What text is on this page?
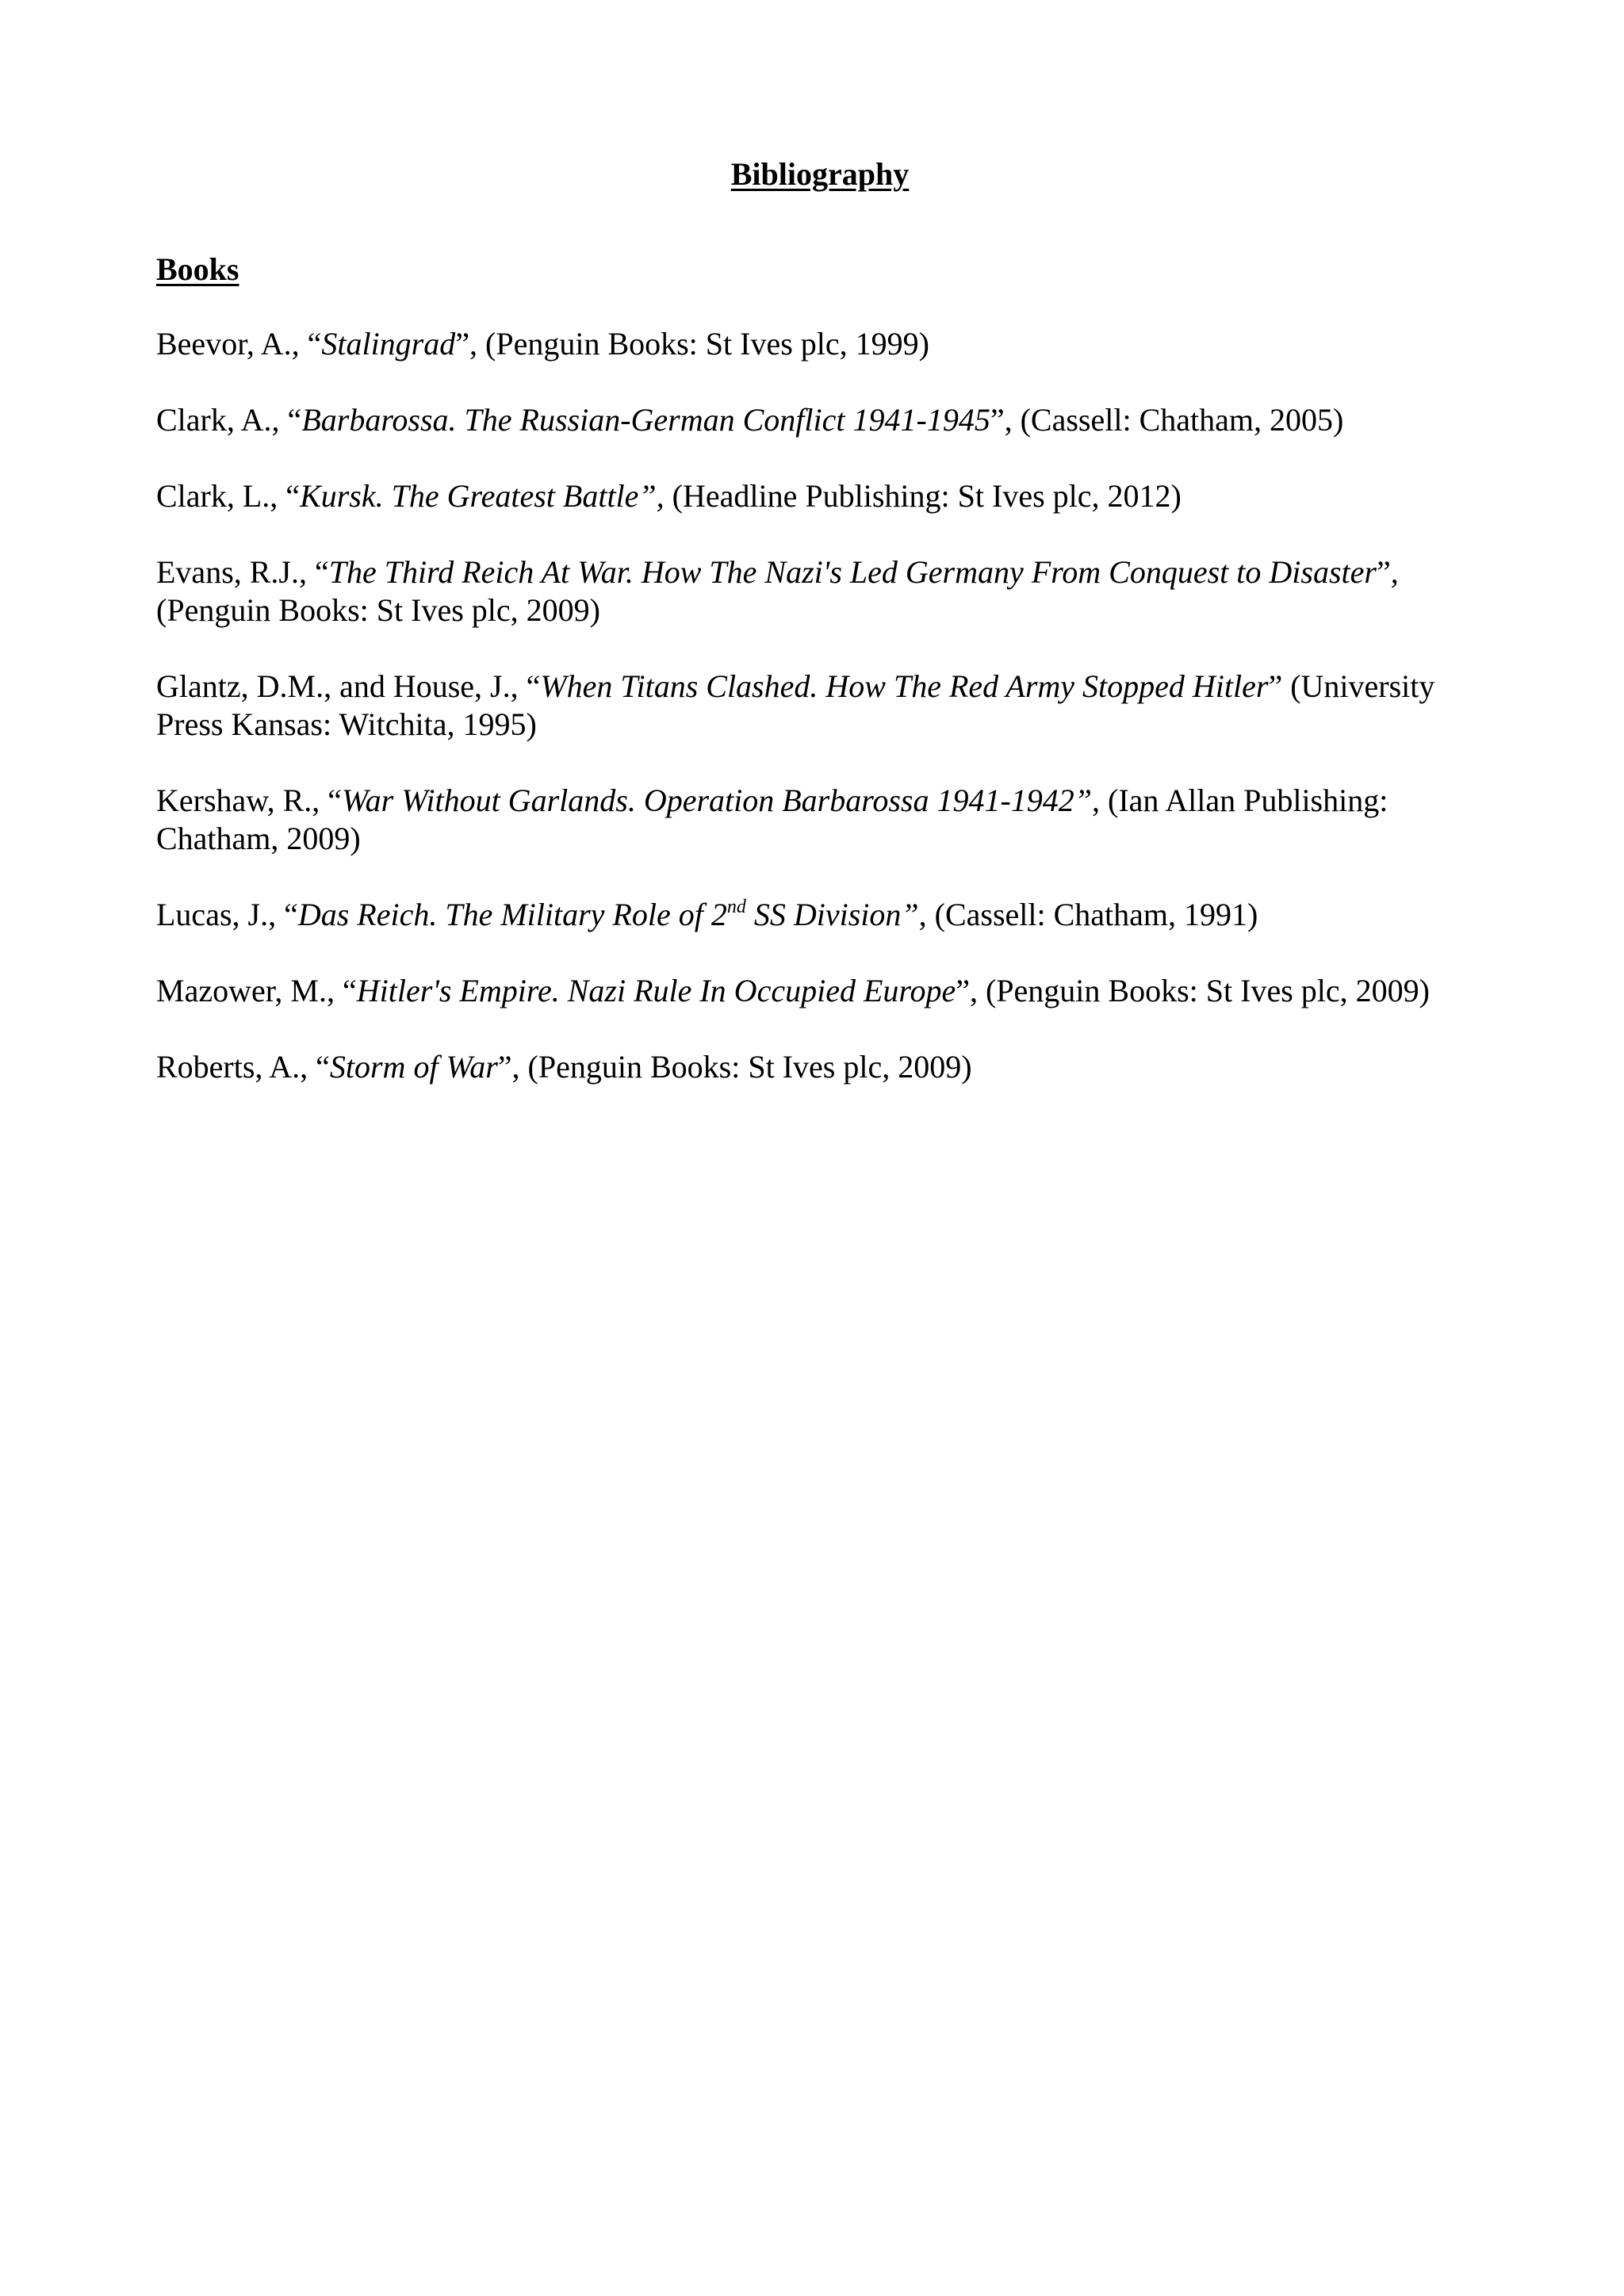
Bibliography
Books
Beevor, A., “Stalingrad”, (Penguin Books: St Ives plc, 1999)
Clark, A., “Barbarossa. The Russian-German Conflict 1941-1945”, (Cassell: Chatham, 2005)
Clark, L., “Kursk. The Greatest Battle”, (Headline Publishing: St Ives plc, 2012)
Evans, R.J., “The Third Reich At War. How The Nazi's Led Germany From Conquest to Disaster”, (Penguin Books: St Ives plc, 2009)
Glantz, D.M., and House, J., “When Titans Clashed. How The Red Army Stopped Hitler” (University Press Kansas: Witchita, 1995)
Kershaw, R., “War Without Garlands. Operation Barbarossa 1941-1942”, (Ian Allan Publishing: Chatham, 2009)
Lucas, J., “Das Reich. The Military Role of 2nd SS Division”, (Cassell: Chatham, 1991)
Mazower, M., “Hitler's Empire. Nazi Rule In Occupied Europe”, (Penguin Books: St Ives plc, 2009)
Roberts, A., “Storm of War”, (Penguin Books: St Ives plc, 2009)
